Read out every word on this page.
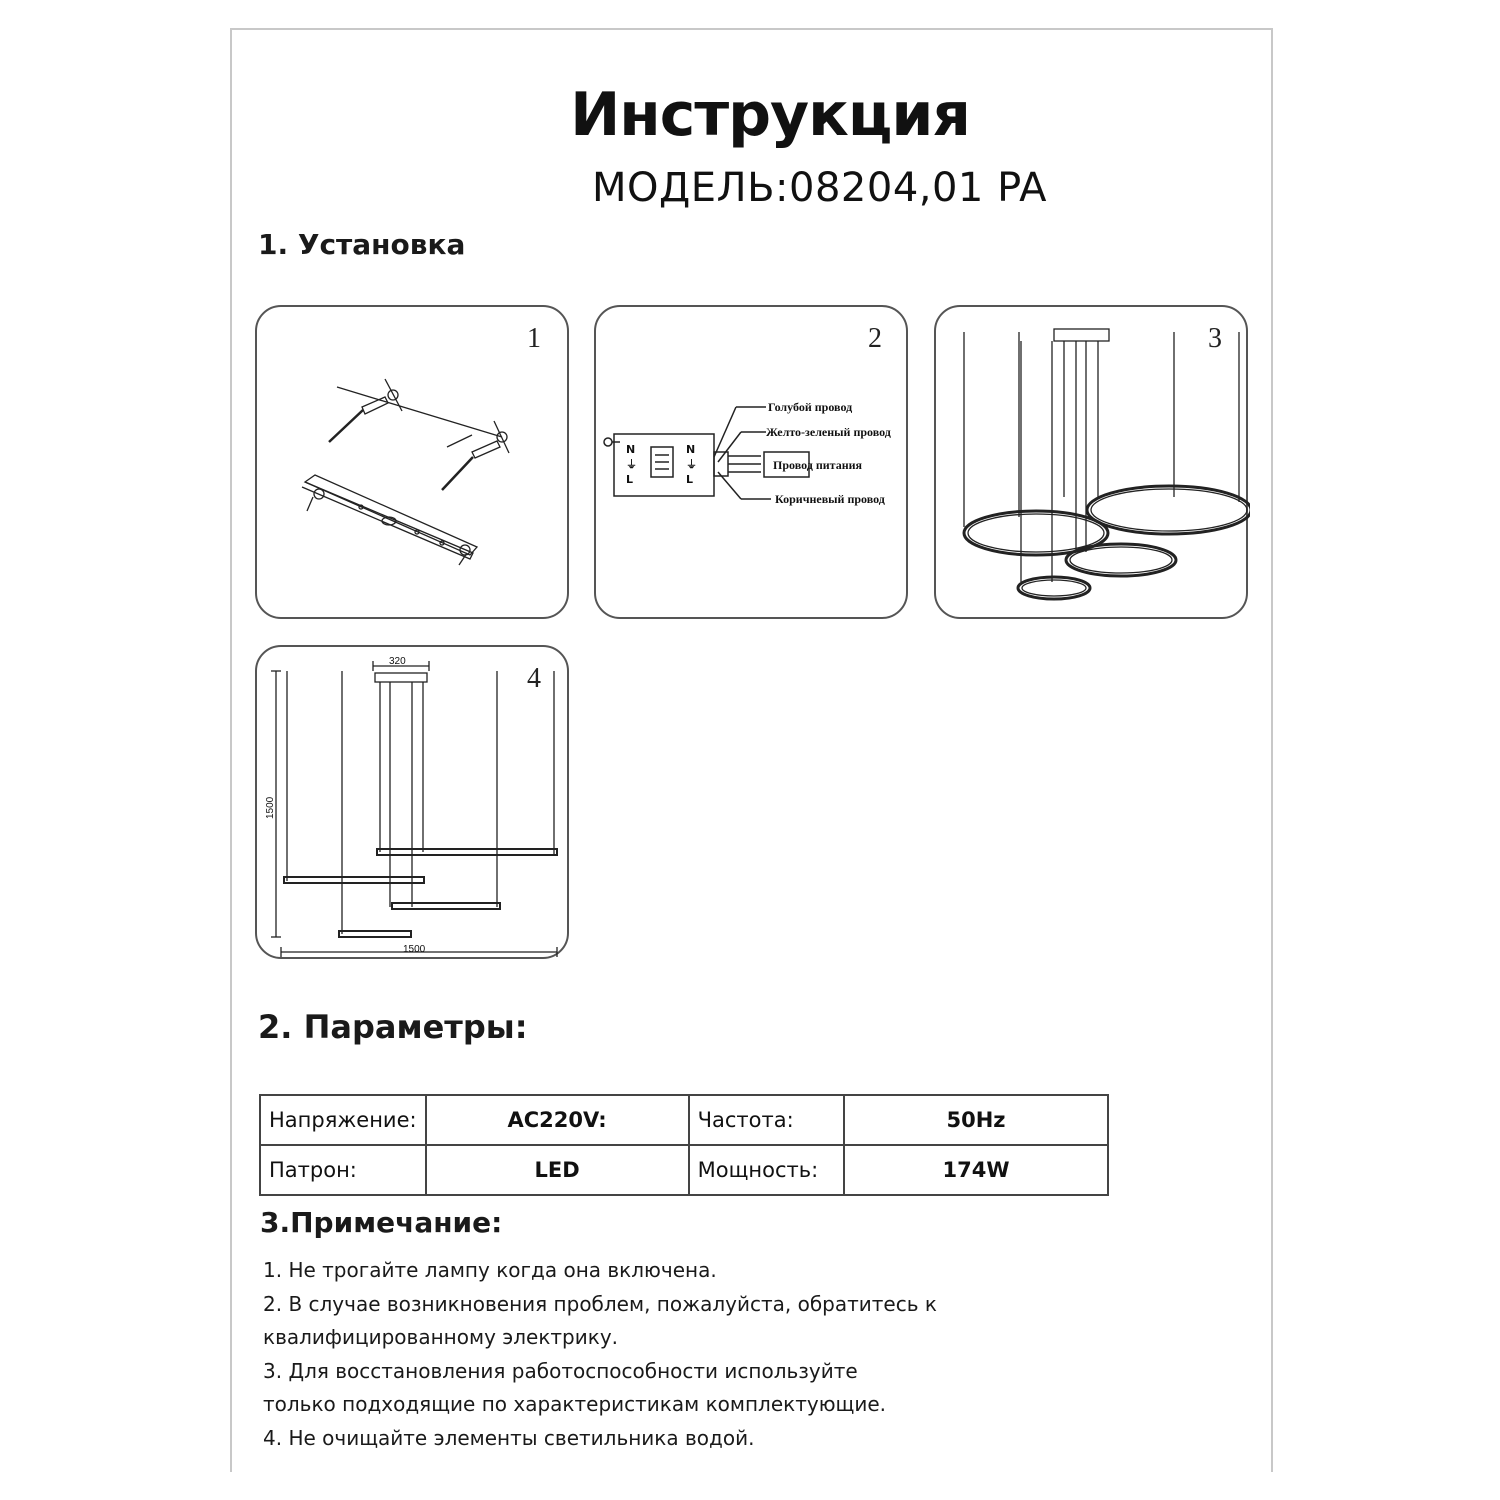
Инструкция
МОДЕЛЬ:08204,01 PA
1. Установка
1
N
⏚
L
N
⏚
L
Голубой провод
Желто-зеленый провод
Провод питания
Коричневый провод
2	3
320
1500
1500
4
2. Параметры:
Напряжение:	AC220V:	Частота:	50Hz
Патрон:	LED	Мощность:	174W
3.Примечание:
1. Не трогайте лампу когда она включена.
2. В случае возникновения проблем, пожалуйста, обратитесь к
квалифицированному электрику.
3. Для восстановления работоспособности используйте
только подходящие по характеристикам комплектующие.
4. Не очищайте элементы светильника водой.
